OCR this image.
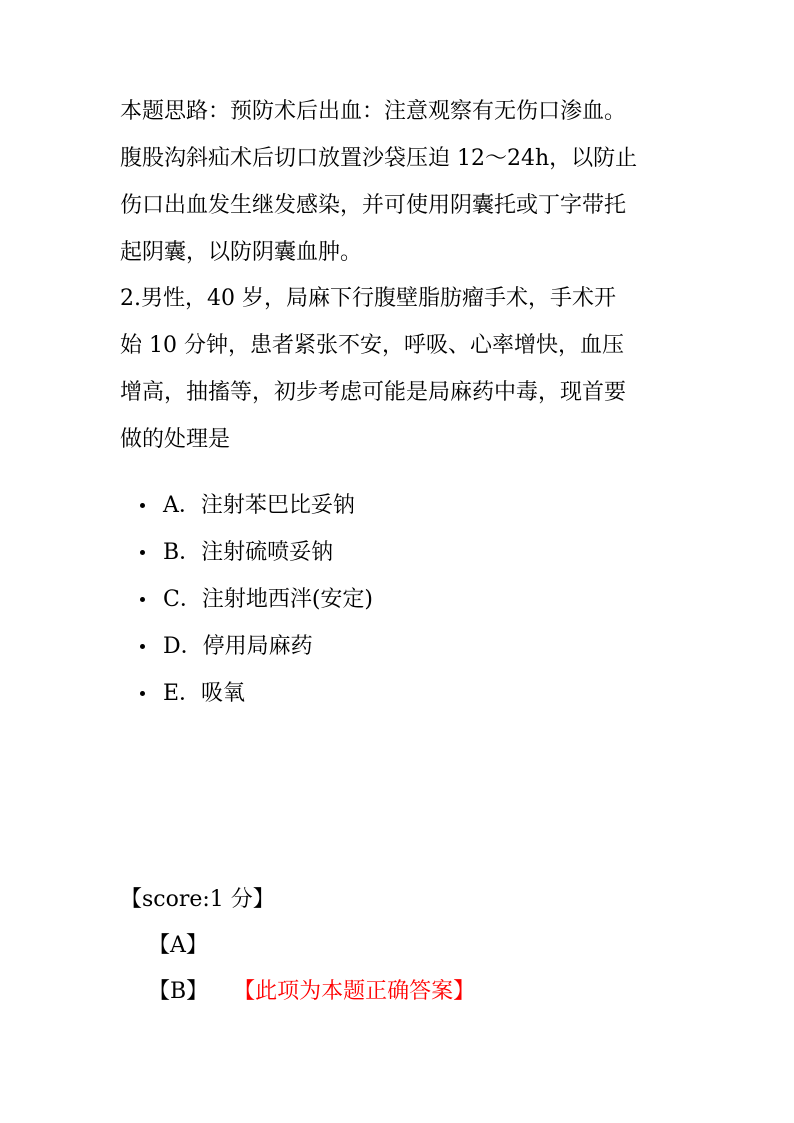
本题思路：预防术后出血：注意观察有无伤口渗血。
腹股沟斜疝术后切口放置沙袋压迫 12～24h，以防止
伤口出血发生继发感染，并可使用阴囊托或丁字带托
起阴囊，以防阴囊血肿。
2.男性，40 岁，局麻下行腹壁脂肪瘤手术，手术开
始 10 分钟，患者紧张不安，呼吸、心率增快，血压
增高，抽搐等，初步考虑可能是局麻药中毒，现首要
做的处理是
A．注射苯巴比妥钠
B．注射硫喷妥钠
C．注射地西泮(安定)
D．停用局麻药
E．吸氧
【score:1 分】
【A】
【B】 【此项为本题正确答案】
